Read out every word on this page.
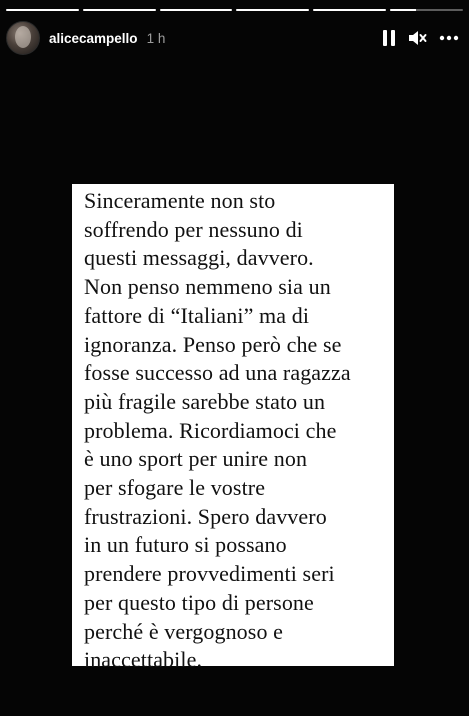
alicecampello 1 h

Sinceramente non sto
soffrendo per nessuno di
questi messaggi, davvero.
Non penso nemmeno sia un
fattore di “Italiani” ma di
ignoranza. Penso però che se
fosse successo ad una ragazza
più fragile sarebbe stato un
problema. Ricordiamoci che
è uno sport per unire non
per sfogare le vostre
frustrazioni. Spero davvero
in un futuro si possano
prendere provvedimenti seri
per questo tipo di persone
perché è vergognoso e
inaccettabile.
